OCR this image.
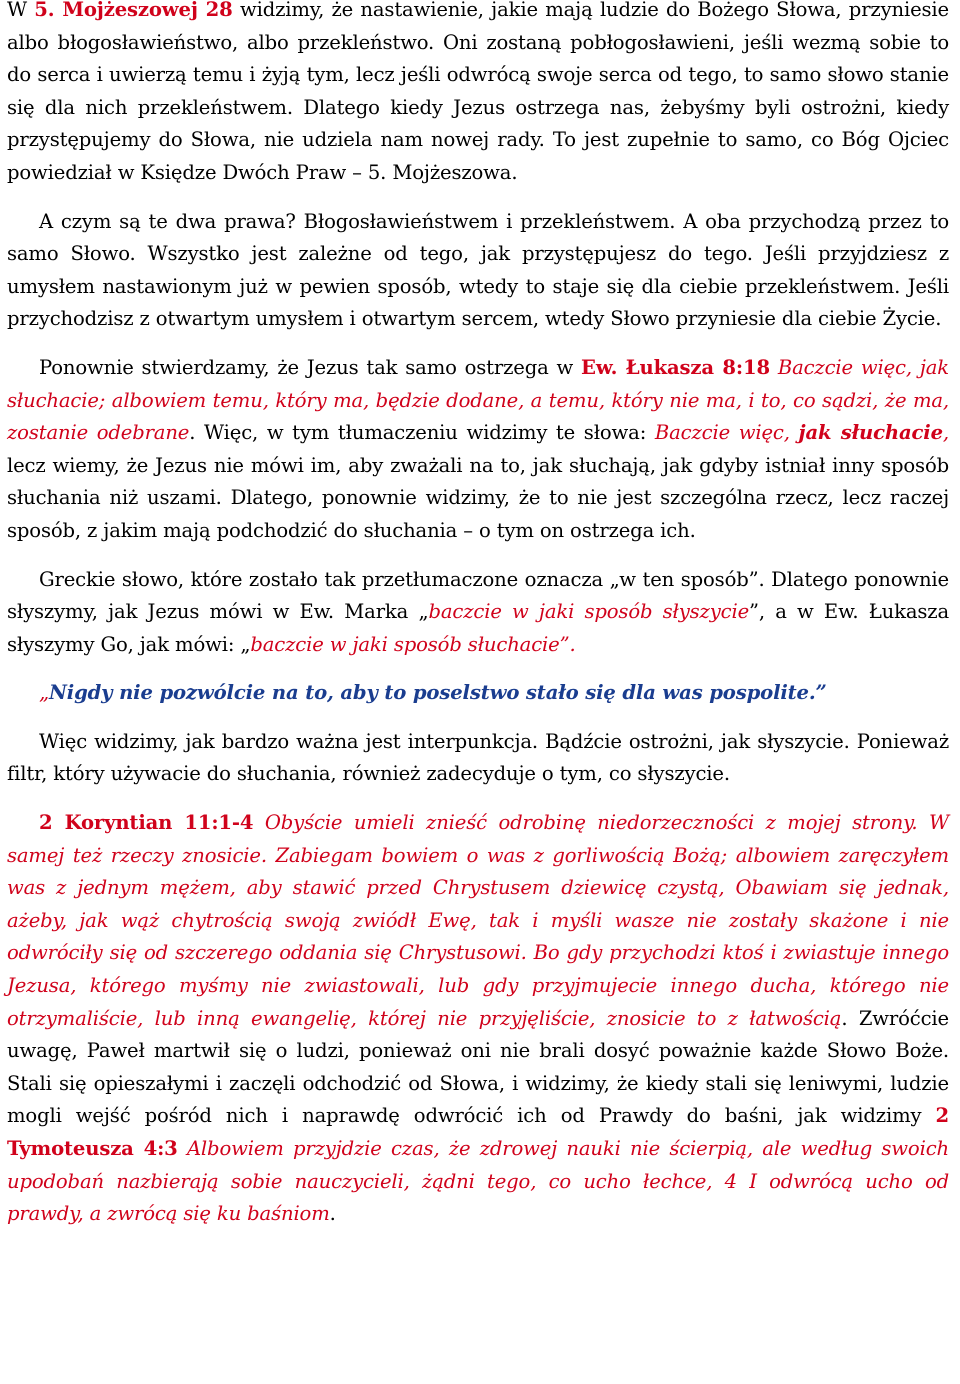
W 5. Mojżeszowej 28 widzimy, że nastawienie, jakie mają ludzie do Bożego Słowa, przyniesie albo błogosławieństwo, albo przekleństwo. Oni zostaną pobłogosławieni, jeśli wezmą sobie to do serca i uwierzą temu i żyją tym, lecz jeśli odwrócą swoje serca od tego, to samo słowo stanie się dla nich przekleństwem. Dlatego kiedy Jezus ostrzega nas, żebyśmy byli ostrożni, kiedy przystępujemy do Słowa, nie udziela nam nowej rady. To jest zupełnie to samo, co Bóg Ojciec powiedział w Księdze Dwóch Praw – 5. Mojżeszowa.

A czym są te dwa prawa? Błogosławieństwem i przekleństwem. A oba przychodzą przez to samo Słowo. Wszystko jest zależne od tego, jak przystępujesz do tego. Jeśli przyjdziesz z umysłem nastawionym już w pewien sposób, wtedy to staje się dla ciebie przekleństwem. Jeśli przychodzisz z otwartym umysłem i otwartym sercem, wtedy Słowo przyniesie dla ciebie Życie.

Ponownie stwierdzamy, że Jezus tak samo ostrzega w Ew. Łukasza 8:18 Baczcie więc, jak słuchacie; albowiem temu, który ma, będzie dodane, a temu, który nie ma, i to, co sądzi, że ma, zostanie odebrane. Więc, w tym tłumaczeniu widzimy te słowa: Baczcie więc, jak słuchacie, lecz wiemy, że Jezus nie mówi im, aby zważali na to, jak słuchają, jak gdyby istniał inny sposób słuchania niż uszami. Dlatego, ponownie widzimy, że to nie jest szczególna rzecz, lecz raczej sposób, z jakim mają podchodzić do słuchania – o tym on ostrzega ich.

Greckie słowo, które zostało tak przetłumaczone oznacza „w ten sposób”. Dlatego ponownie słyszymy, jak Jezus mówi w Ew. Marka „baczcie w jaki sposób słyszycie”, a w Ew. Łukasza słyszymy Go, jak mówi: „baczcie w jaki sposób słuchacie”.

„Nigdy nie pozwólcie na to, aby to poselstwo stało się dla was pospolite.”

Więc widzimy, jak bardzo ważna jest interpunkcja. Bądźcie ostrożni, jak słyszycie. Ponieważ filtr, który używacie do słuchania, również zadecyduje o tym, co słyszycie.

2 Koryntian 11:1-4 Obyście umieli znieść odrobinę niedorzeczności z mojej strony. W samej też rzeczy znosicie. Zabiegam bowiem o was z gorliwością Bożą; albowiem zaręczyłem was z jednym mężem, aby stawić przed Chrystusem dziewicę czystą, Obawiam się jednak, ażeby, jak wąż chytrością swoją zwiódł Ewę, tak i myśli wasze nie zostały skażone i nie odwróciły się od szczerego oddania się Chrystusowi. Bo gdy przychodzi ktoś i zwiastuje innego Jezusa, którego myśmy nie zwiastowali, lub gdy przyjmujecie innego ducha, którego nie otrzymaliście, lub inną ewangelię, której nie przyjęliście, znosicie to z łatwością. Zwróćcie uwagę, Paweł martwił się o ludzi, ponieważ oni nie brali dosyć poważnie każde Słowo Boże. Stali się opieszałymi i zaczęli odchodzić od Słowa, i widzimy, że kiedy stali się leniwymi, ludzie mogli wejść pośród nich i naprawdę odwrócić ich od Prawdy do baśni, jak widzimy 2 Tymoteusza 4:3 Albowiem przyjdzie czas, że zdrowej nauki nie ścierpią, ale według swoich upodobań nazbierają sobie nauczycieli, żądni tego, co ucho łechce, 4 I odwrócą ucho od prawdy, a zwrócą się ku baśniom.
